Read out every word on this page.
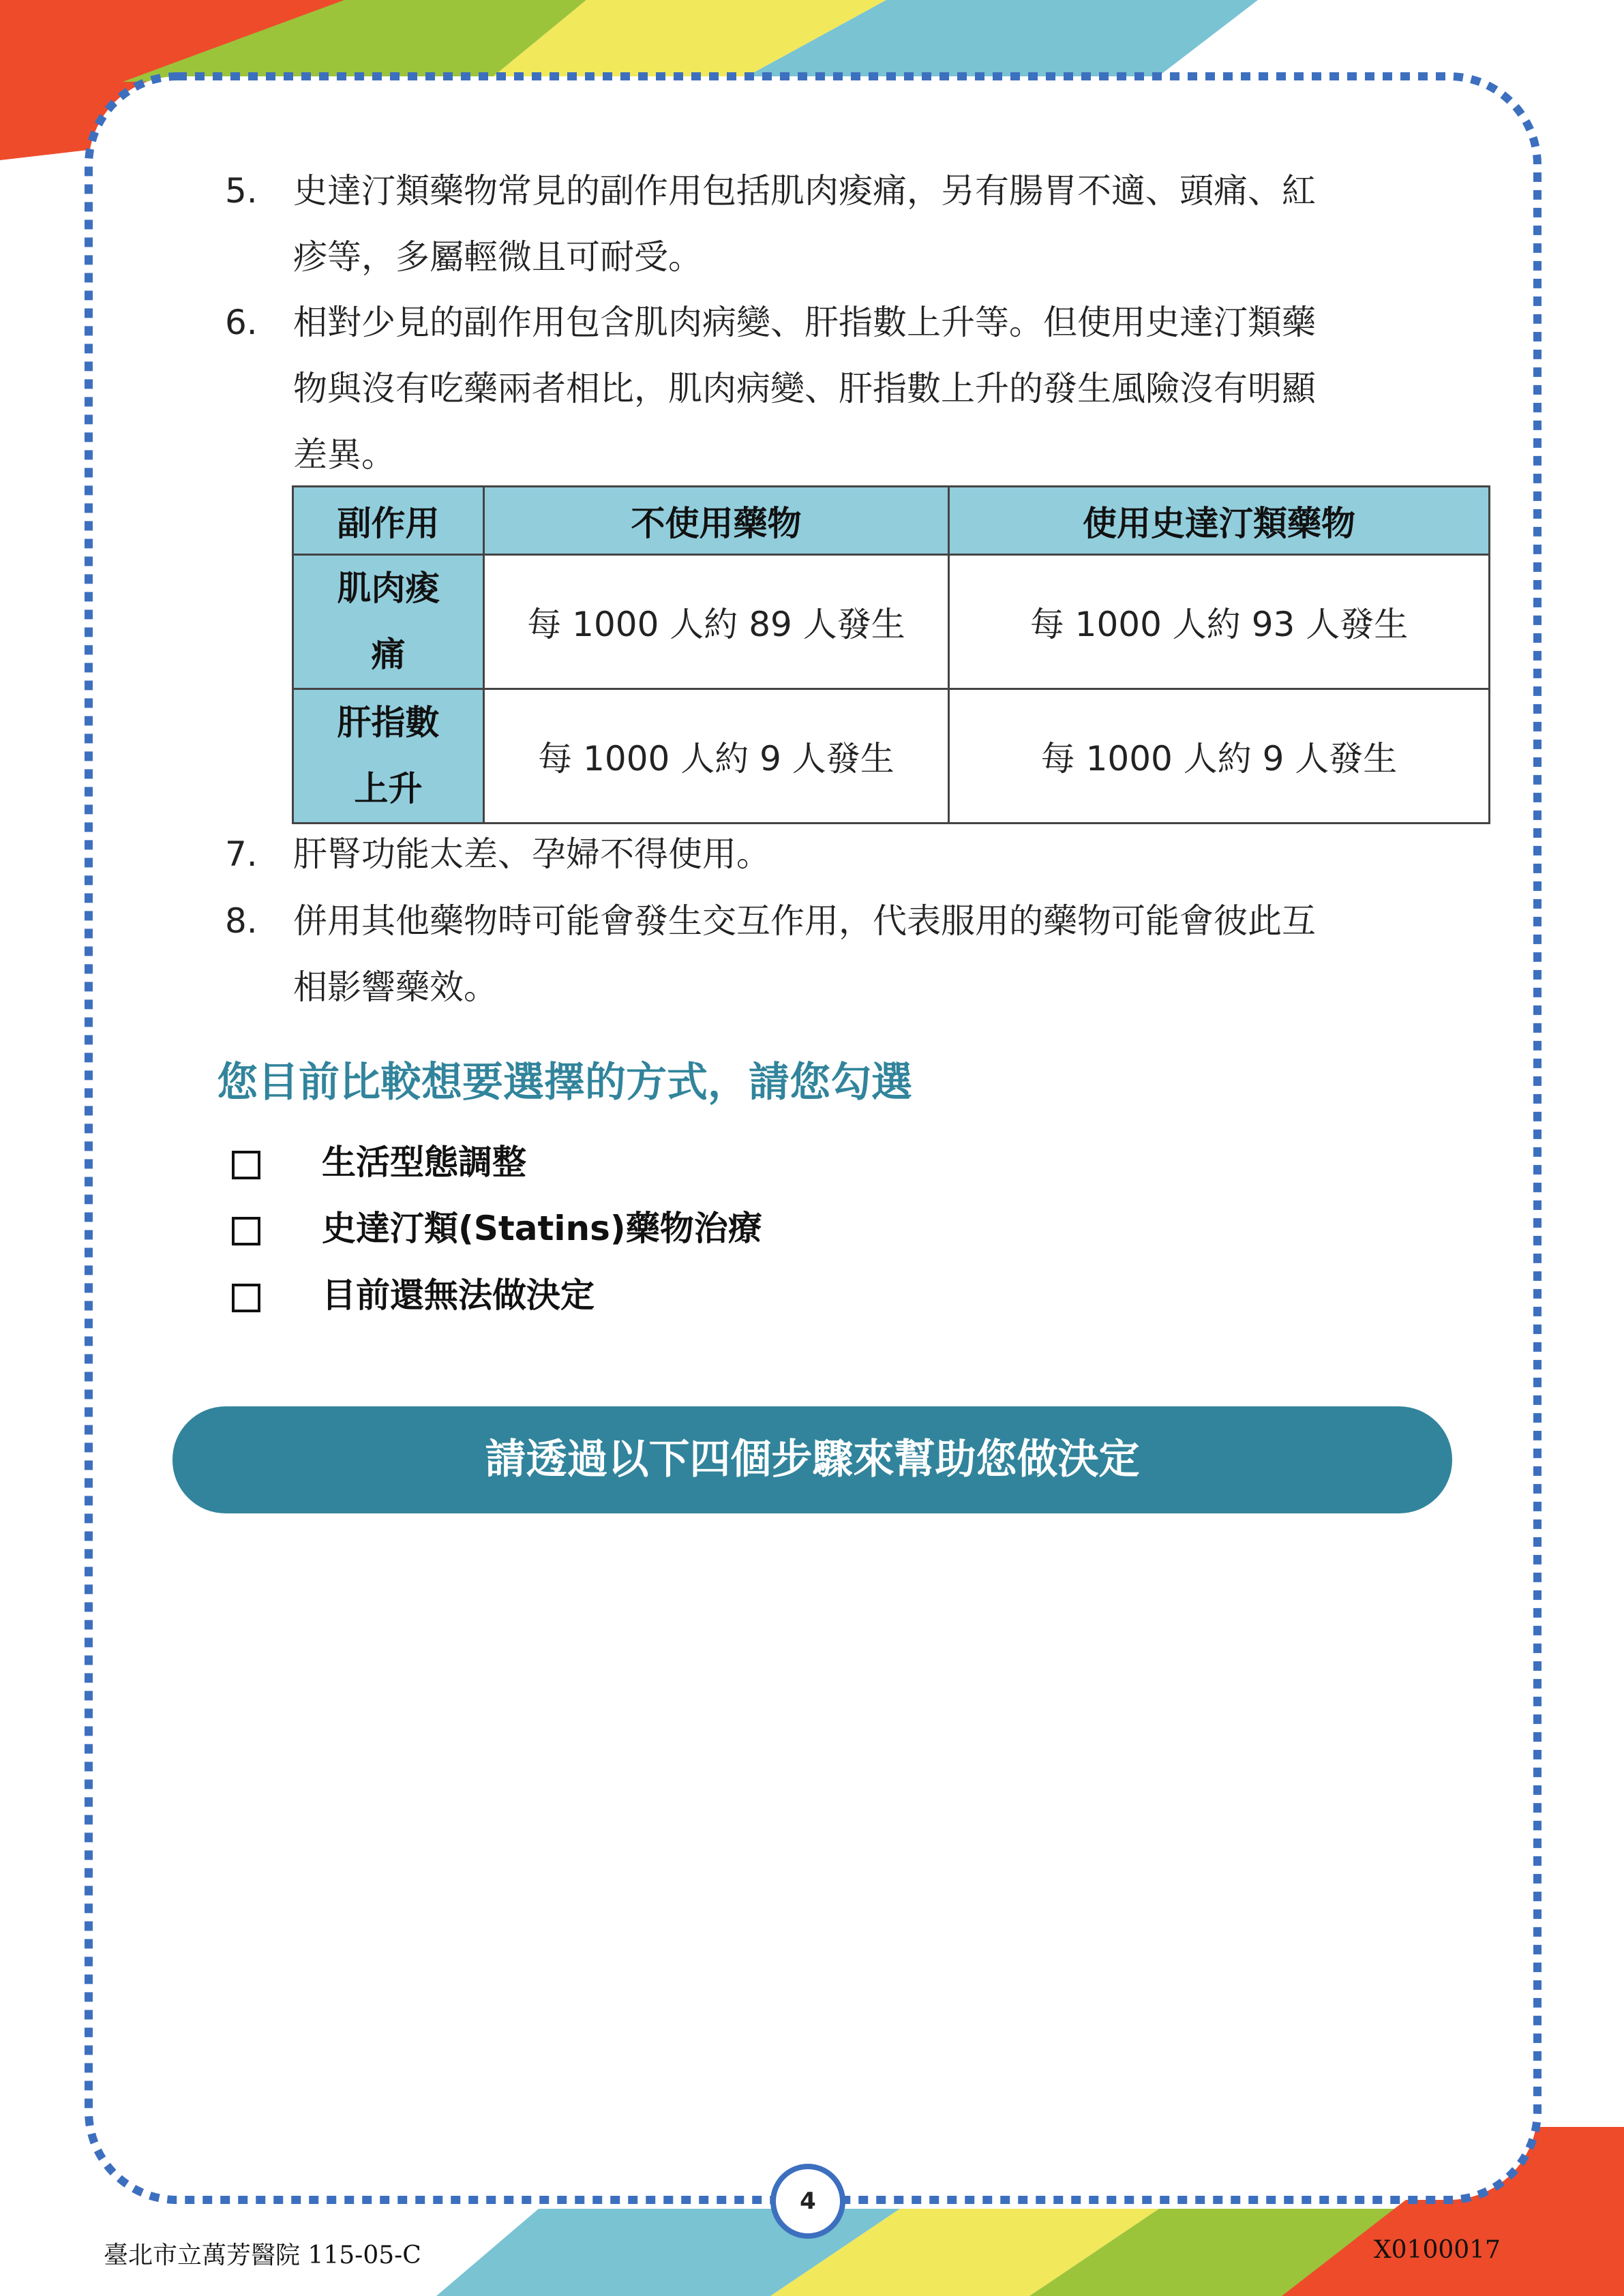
5.	史達汀類藥物常見的副作用包括肌肉痠痛，另有腸胃不適、頭痛、紅
疹等，多屬輕微且可耐受。
6.	相對少見的副作用包含肌肉病變、肝指數上升等。但使用史達汀類藥
物與沒有吃藥兩者相比，肌肉病變、肝指數上升的發生風險沒有明顯
差異。
副作用	不使用藥物	使用史達汀類藥物

肌肉痠
痛	每 1000 人約 89 人發生	每 1000 人約 93 人發生

肝指數
上升	每 1000 人約 9 人發生	每 1000 人約 9 人發生
7.	肝腎功能太差、孕婦不得使用。
8.	併用其他藥物時可能會發生交互作用，代表服用的藥物可能會彼此互
相影響藥效。
您目前比較想要選擇的方式，請您勾選
生活型態調整
史達汀類(Statins)藥物治療
目前還無法做決定
請透過以下四個步驟來幫助您做決定
4
臺北市立萬芳醫院 115-05-C	X0100017
